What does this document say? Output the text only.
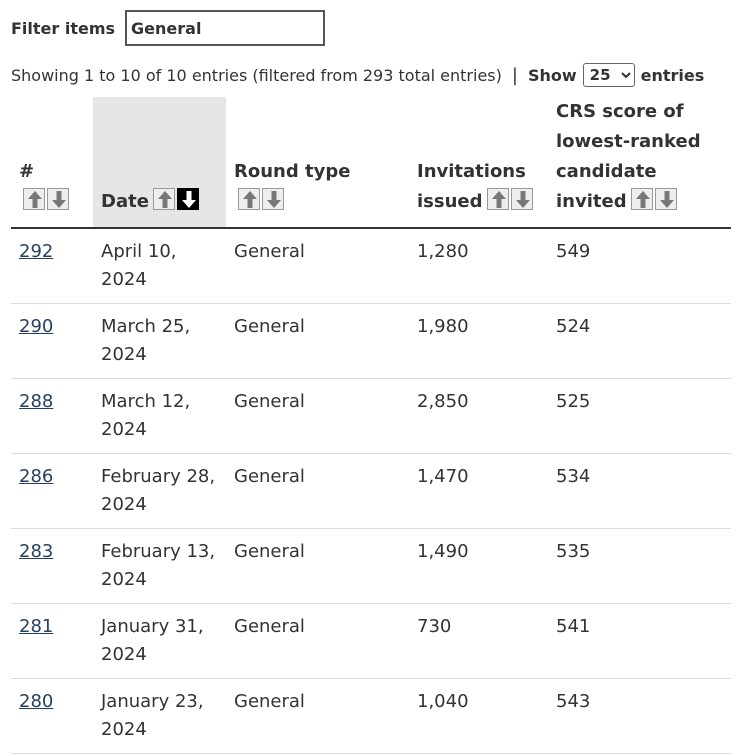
Filter items
General
Showing 1 to 10 of 10 entries (filtered from 293 total entries) | Show
25	entries
#	Date	Round type	Invitations
issued	CRS score of
lowest-ranked
candidate
invited

292	April 10,
2024	General	1,280	549
290	March 25,
2024	General	1,980	524
288	March 12,
2024	General	2,850	525
286	February 28,
2024	General	1,470	534
283	February 13,
2024	General	1,490	535
281	January 31,
2024	General	730	541
280	January 23,
2024	General	1,040	543
